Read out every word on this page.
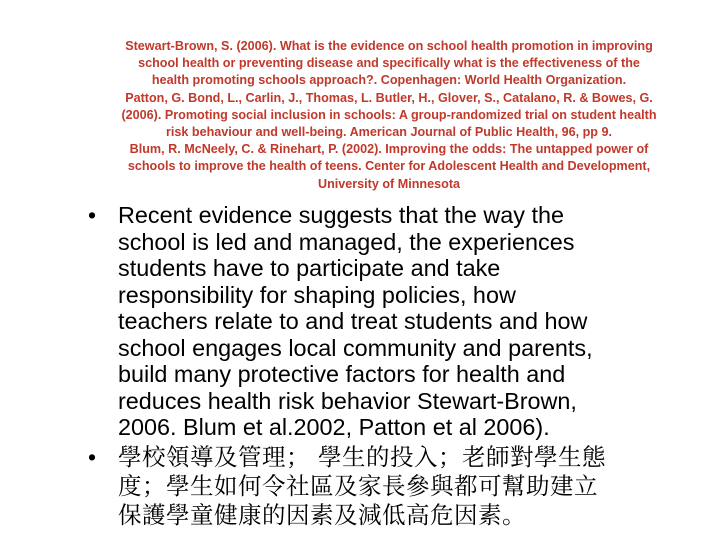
Stewart-Brown, S. (2006). What is the evidence on school health promotion in improving
school health or preventing disease and specifically what is the effectiveness of the
health promoting schools approach?. Copenhagen: World Health Organization.
Patton, G. Bond, L., Carlin, J., Thomas, L. Butler, H., Glover, S., Catalano, R. & Bowes, G.
(2006). Promoting social inclusion in schools: A group-randomized trial on student health
risk behaviour and well-being. American Journal of Public Health, 96, pp 9.
Blum, R. McNeely, C. & Rinehart, P. (2002). Improving the odds: The untapped power of
schools to improve the health of teens. Center for Adolescent Health and Development,
University of Minnesota
• Recent evidence suggests that the way the
school is led and managed, the experiences
students have to participate and take
responsibility for shaping policies, how
teachers relate to and treat students and how
school engages local community and parents,
build many protective factors for health and
reduces health risk behavior Stewart-Brown,
2006. Blum et al.2002, Patton et al 2006).
• 學校領導及管理； 學生的投入；老師對學生態
度；學生如何令社區及家長參與都可幫助建立
保護學童健康的因素及減低高危因素。
